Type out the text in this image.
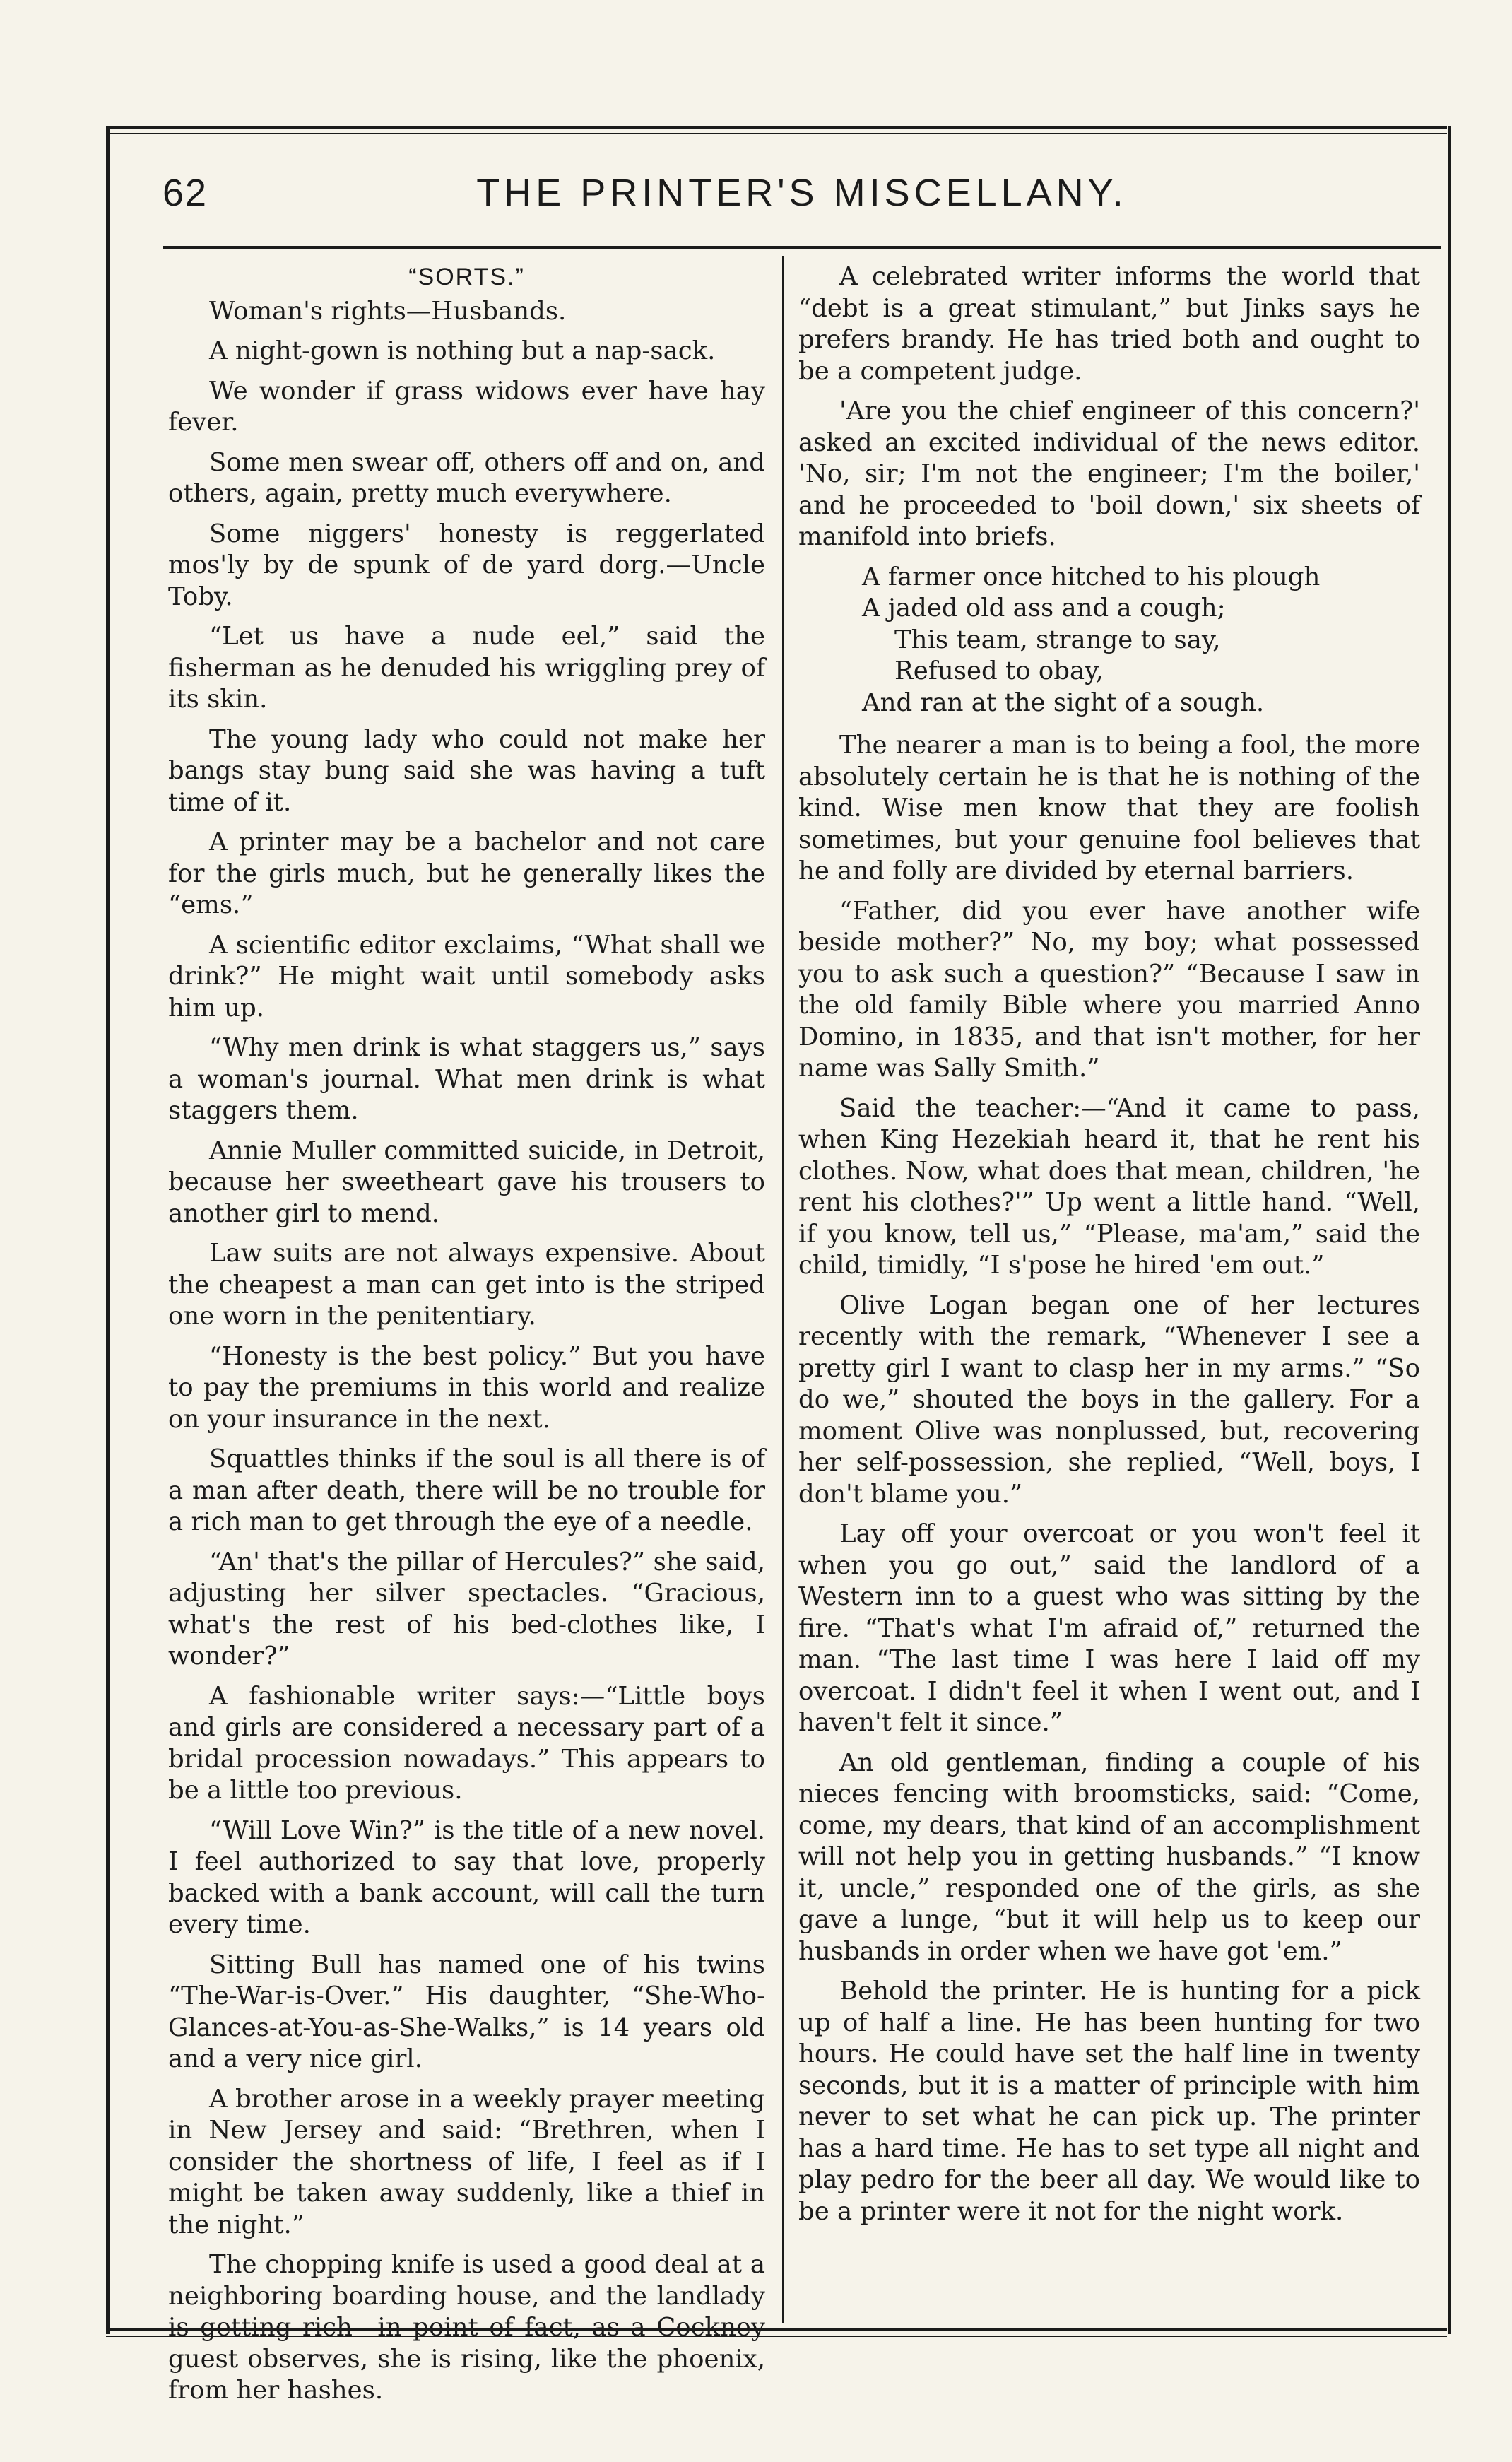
62	THE PRINTER'S MISCELLANY.
“SORTS.”

Woman's rights—Husbands.

A night-gown is nothing but a nap-sack.

We wonder if grass widows ever have hay fever.

Some men swear off, others off and on, and others, again, pretty much everywhere.

Some niggers' honesty is reggerlated mos'ly by de spunk of de yard dorg.—Uncle Toby.

“Let us have a nude eel,” said the fisherman as he denuded his wriggling prey of its skin.

The young lady who could not make her bangs stay bung said she was having a tuft time of it.

A printer may be a bachelor and not care for the girls much, but he generally likes the “ems.”

A scientific editor exclaims, “What shall we drink?” He might wait until somebody asks him up.

“Why men drink is what staggers us,” says a woman's journal. What men drink is what staggers them.

Annie Muller committed suicide, in Detroit, because her sweetheart gave his trousers to another girl to mend.

Law suits are not always expensive. About the cheapest a man can get into is the striped one worn in the penitentiary.

“Honesty is the best policy.” But you have to pay the premiums in this world and realize on your insurance in the next.

Squattles thinks if the soul is all there is of a man after death, there will be no trouble for a rich man to get through the eye of a needle.

“An' that's the pillar of Hercules?” she said, adjusting her silver spectacles. “Gracious, what's the rest of his bed-clothes like, I wonder?”

A fashionable writer says:—“Little boys and girls are considered a necessary part of a bridal procession nowadays.” This appears to be a little too previous.

“Will Love Win?” is the title of a new novel. I feel authorized to say that love, properly backed with a bank account, will call the turn every time.

Sitting Bull has named one of his twins “The-War-is-Over.” His daughter, “She-Who-Glances-at-You-as-She-Walks,” is 14 years old and a very nice girl.

A brother arose in a weekly prayer meeting in New Jersey and said: “Brethren, when I consider the shortness of life, I feel as if I might be taken away suddenly, like a thief in the night.”

The chopping knife is used a good deal at a neighboring boarding house, and the landlady is getting rich—in point of fact, as a Cockney guest observes, she is rising, like the phoenix, from her hashes.

A celebrated writer informs the world that “debt is a great stimulant,” but Jinks says he prefers brandy. He has tried both and ought to be a competent judge.

'Are you the chief engineer of this concern?' asked an excited individual of the news editor. 'No, sir; I'm not the engineer; I'm the boiler,' and he proceeded to 'boil down,' six sheets of manifold into briefs.

A farmer once hitched to his plough
A jaded old ass and a cough;
This team, strange to say,
Refused to obay,
And ran at the sight of a sough.

The nearer a man is to being a fool, the more absolutely certain he is that he is nothing of the kind. Wise men know that they are foolish sometimes, but your genuine fool believes that he and folly are divided by eternal barriers.

“Father, did you ever have another wife beside mother?” No, my boy; what possessed you to ask such a question?” “Because I saw in the old family Bible where you married Anno Domino, in 1835, and that isn't mother, for her name was Sally Smith.”

Said the teacher:—“And it came to pass, when King Hezekiah heard it, that he rent his clothes. Now, what does that mean, children, 'he rent his clothes?'” Up went a little hand. “Well, if you know, tell us,” “Please, ma'am,” said the child, timidly, “I s'pose he hired 'em out.”

Olive Logan began one of her lectures recently with the remark, “Whenever I see a pretty girl I want to clasp her in my arms.” “So do we,” shouted the boys in the gallery. For a moment Olive was nonplussed, but, recovering her self-possession, she replied, “Well, boys, I don't blame you.”

Lay off your overcoat or you won't feel it when you go out,” said the landlord of a Western inn to a guest who was sitting by the fire. “That's what I'm afraid of,” returned the man. “The last time I was here I laid off my overcoat. I didn't feel it when I went out, and I haven't felt it since.”

An old gentleman, finding a couple of his nieces fencing with broomsticks, said: “Come, come, my dears, that kind of an accomplishment will not help you in getting husbands.” “I know it, uncle,” responded one of the girls, as she gave a lunge, “but it will help us to keep our husbands in order when we have got 'em.”

Behold the printer. He is hunting for a pick up of half a line. He has been hunting for two hours. He could have set the half line in twenty seconds, but it is a matter of principle with him never to set what he can pick up. The printer has a hard time. He has to set type all night and play pedro for the beer all day. We would like to be a printer were it not for the night work.
